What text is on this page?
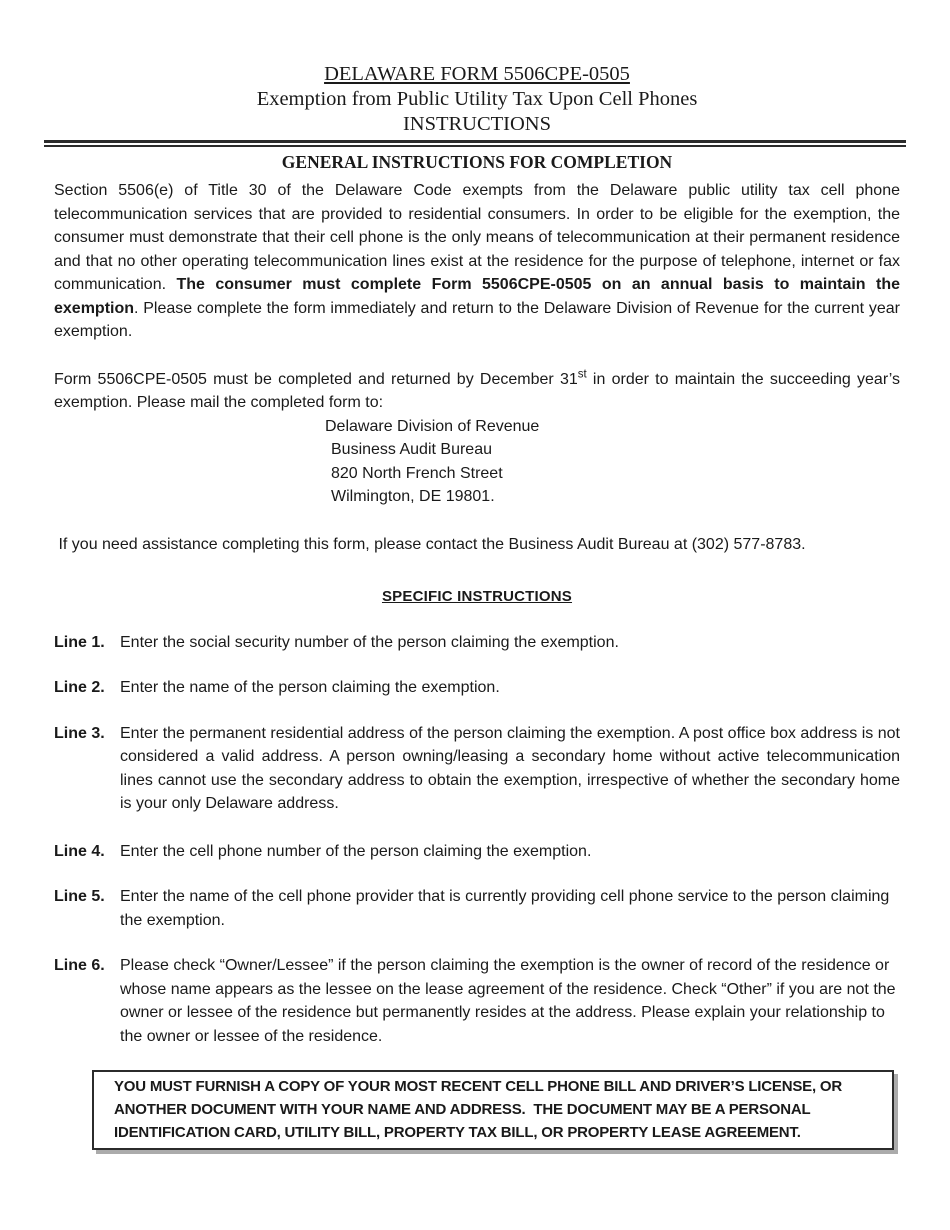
DELAWARE FORM 5506CPE-0505
Exemption from Public Utility Tax Upon Cell Phones
INSTRUCTIONS
GENERAL INSTRUCTIONS FOR COMPLETION
Section 5506(e) of Title 30 of the Delaware Code exempts from the Delaware public utility tax cell phone telecommunication services that are provided to residential consumers. In order to be eligible for the exemption, the consumer must demonstrate that their cell phone is the only means of telecommunication at their permanent residence and that no other operating telecommunication lines exist at the residence for the purpose of telephone, internet or fax communication. The consumer must complete Form 5506CPE-0505 on an annual basis to maintain the exemption. Please complete the form immediately and return to the Delaware Division of Revenue for the current year exemption.
Form 5506CPE-0505 must be completed and returned by December 31st in order to maintain the succeeding year’s exemption. Please mail the completed form to:
Delaware Division of Revenue
Business Audit Bureau
820 North French Street
Wilmington, DE 19801.
If you need assistance completing this form, please contact the Business Audit Bureau at (302) 577-8783.
SPECIFIC INSTRUCTIONS
Line 1. Enter the social security number of the person claiming the exemption.
Line 2. Enter the name of the person claiming the exemption.
Line 3. Enter the permanent residential address of the person claiming the exemption. A post office box address is not considered a valid address. A person owning/leasing a secondary home without active telecommunication lines cannot use the secondary address to obtain the exemption, irrespective of whether the secondary home is your only Delaware address.
Line 4. Enter the cell phone number of the person claiming the exemption.
Line 5. Enter the name of the cell phone provider that is currently providing cell phone service to the person claiming the exemption.
Line 6. Please check “Owner/Lessee” if the person claiming the exemption is the owner of record of the residence or whose name appears as the lessee on the lease agreement of the residence. Check “Other” if you are not the owner or lessee of the residence but permanently resides at the address. Please explain your relationship to the owner or lessee of the residence.
YOU MUST FURNISH A COPY OF YOUR MOST RECENT CELL PHONE BILL AND DRIVER’S LICENSE, OR
ANOTHER DOCUMENT WITH YOUR NAME AND ADDRESS.  THE DOCUMENT MAY BE A PERSONAL
IDENTIFICATION CARD, UTILITY BILL, PROPERTY TAX BILL, OR PROPERTY LEASE AGREEMENT.
